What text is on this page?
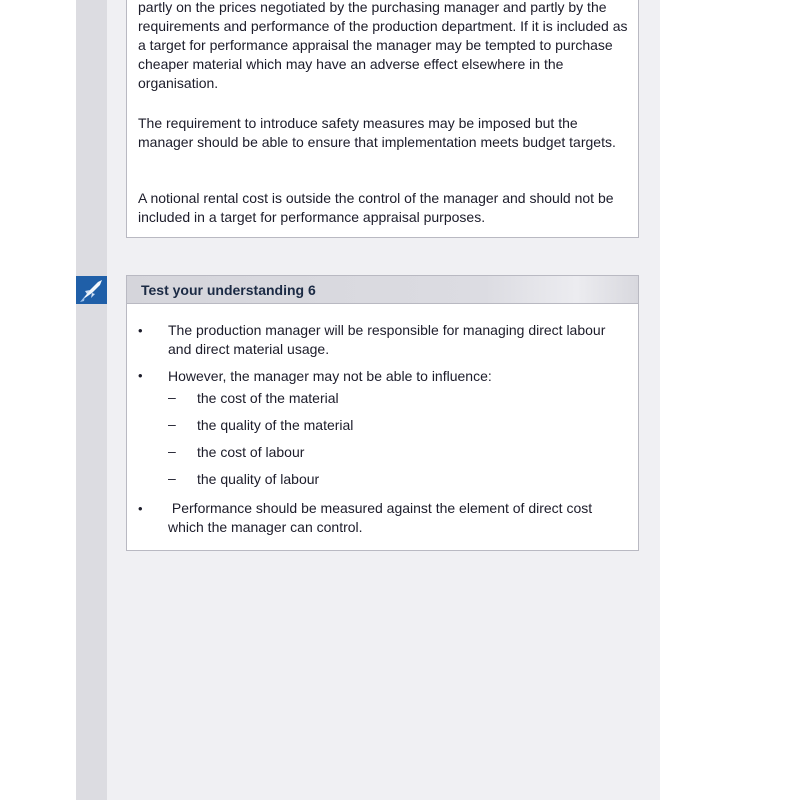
partly on the prices negotiated by the purchasing manager and partly by the requirements and performance of the production department. If it is included as a target for performance appraisal the manager may be tempted to purchase cheaper material which may have an adverse effect elsewhere in the organisation.

The requirement to introduce safety measures may be imposed but the manager should be able to ensure that implementation meets budget targets.

A notional rental cost is outside the control of the manager and should not be included in a target for performance appraisal purposes.

Test your understanding 6
•	The production manager will be responsible for managing direct labour and direct material usage.
•	However, the manager may not be able to influence:
– the cost of the material
– the quality of the material
– the cost of labour
– the quality of labour
•	Performance should be measured against the element of direct cost which the manager can control.
